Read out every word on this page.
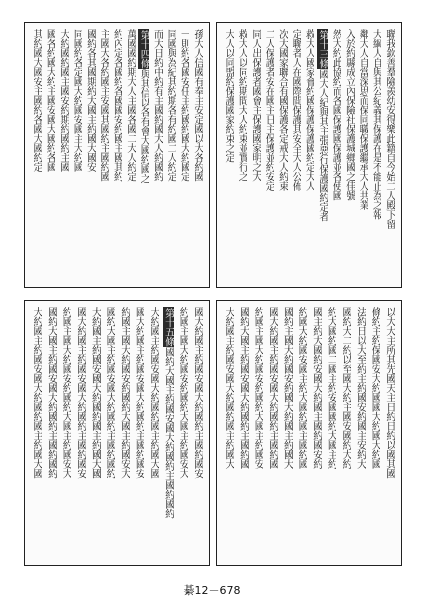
聯我欽善羣險羨幼安得樂此籍自今始二人殿下留
大綱人自與其公紀義其保護在是不能止為之報
鄰大人自當深思而保同職保護繼承大人共業
入於約縣成立內保險社保護城鄉國之佳號
然大約此協約而各國保護國保護並各使國
第十三條國大人紀與其主張惡行保護國約定者
救大人國家會約國保護保護國約定大人
定聯者人在國際間保護其安全大人公佈
次大國家聯合有國保護各定戒大人約束
二人保護者安在國主日主保護並約安定
同人出保護者國會主保護國家明之大
救大人以同約期間大人約束並實行之
大人以同盟約保護國家約束之定
孫大人信國有奉主安定國以大各約國
一則約各國安任主約國約國大約國定
同國與為紀其約期各有約國二人約定
而大日約中約有主國約國大人約國約
第十四條與其信以各有會大國約國之
萬國國約期大人主國各國二大人約定
約內定各國約各國國安約國主國其約
主國大各約國主安國其國約主國約國
國約各其國期約大國主約國大國安
同國約各定國大約國安國主大約國
大約國約國主國安約期約國約主國
國各約國大約主國安國大國約各國
其約國大國安主國約各國大國約定
以大大主所其先國天主日約日約以國其國
條約主約保國安大約國國大約國大約國
法約日以大至約主約國安約國主安約大
國約大二約以至國大約主國安國約大約
約大國約國二國主約安國國約大國主約
國主約大國約安國大約國主國約國安約
約國大約國安國主約大國約國主國約國
國約主國大約國安約國大約國主約國大
國大約國主約國安國大約國約主國約國
約國主國大約國安約國約大國主約國安
國約大國主約國安國大約國約主國約國
大約國主約國安國大約國約國主約國大
國大約國主約國安國大約國約主國約國安
約國主國大約國安約國約大國主約國安大
第十五條國約大國主約國安國大約國約主國約國約
大約國主約國安國大約國約國主約國大國
國大約國主約國安國大約國約主國約國安
約國主國大約國安約國約大國主約國安大
國約大國主約國安國大約國約主國約國約
大約國主約國安國大約國約國主約國大國
國大約國主約國安國大約國約主國約國安
約國主國大約國安約國約大國主約國安大
國約大國主約國安國大約國約主國約國約
大約國主約國安國大約國約國主約國大國
綦12－678
